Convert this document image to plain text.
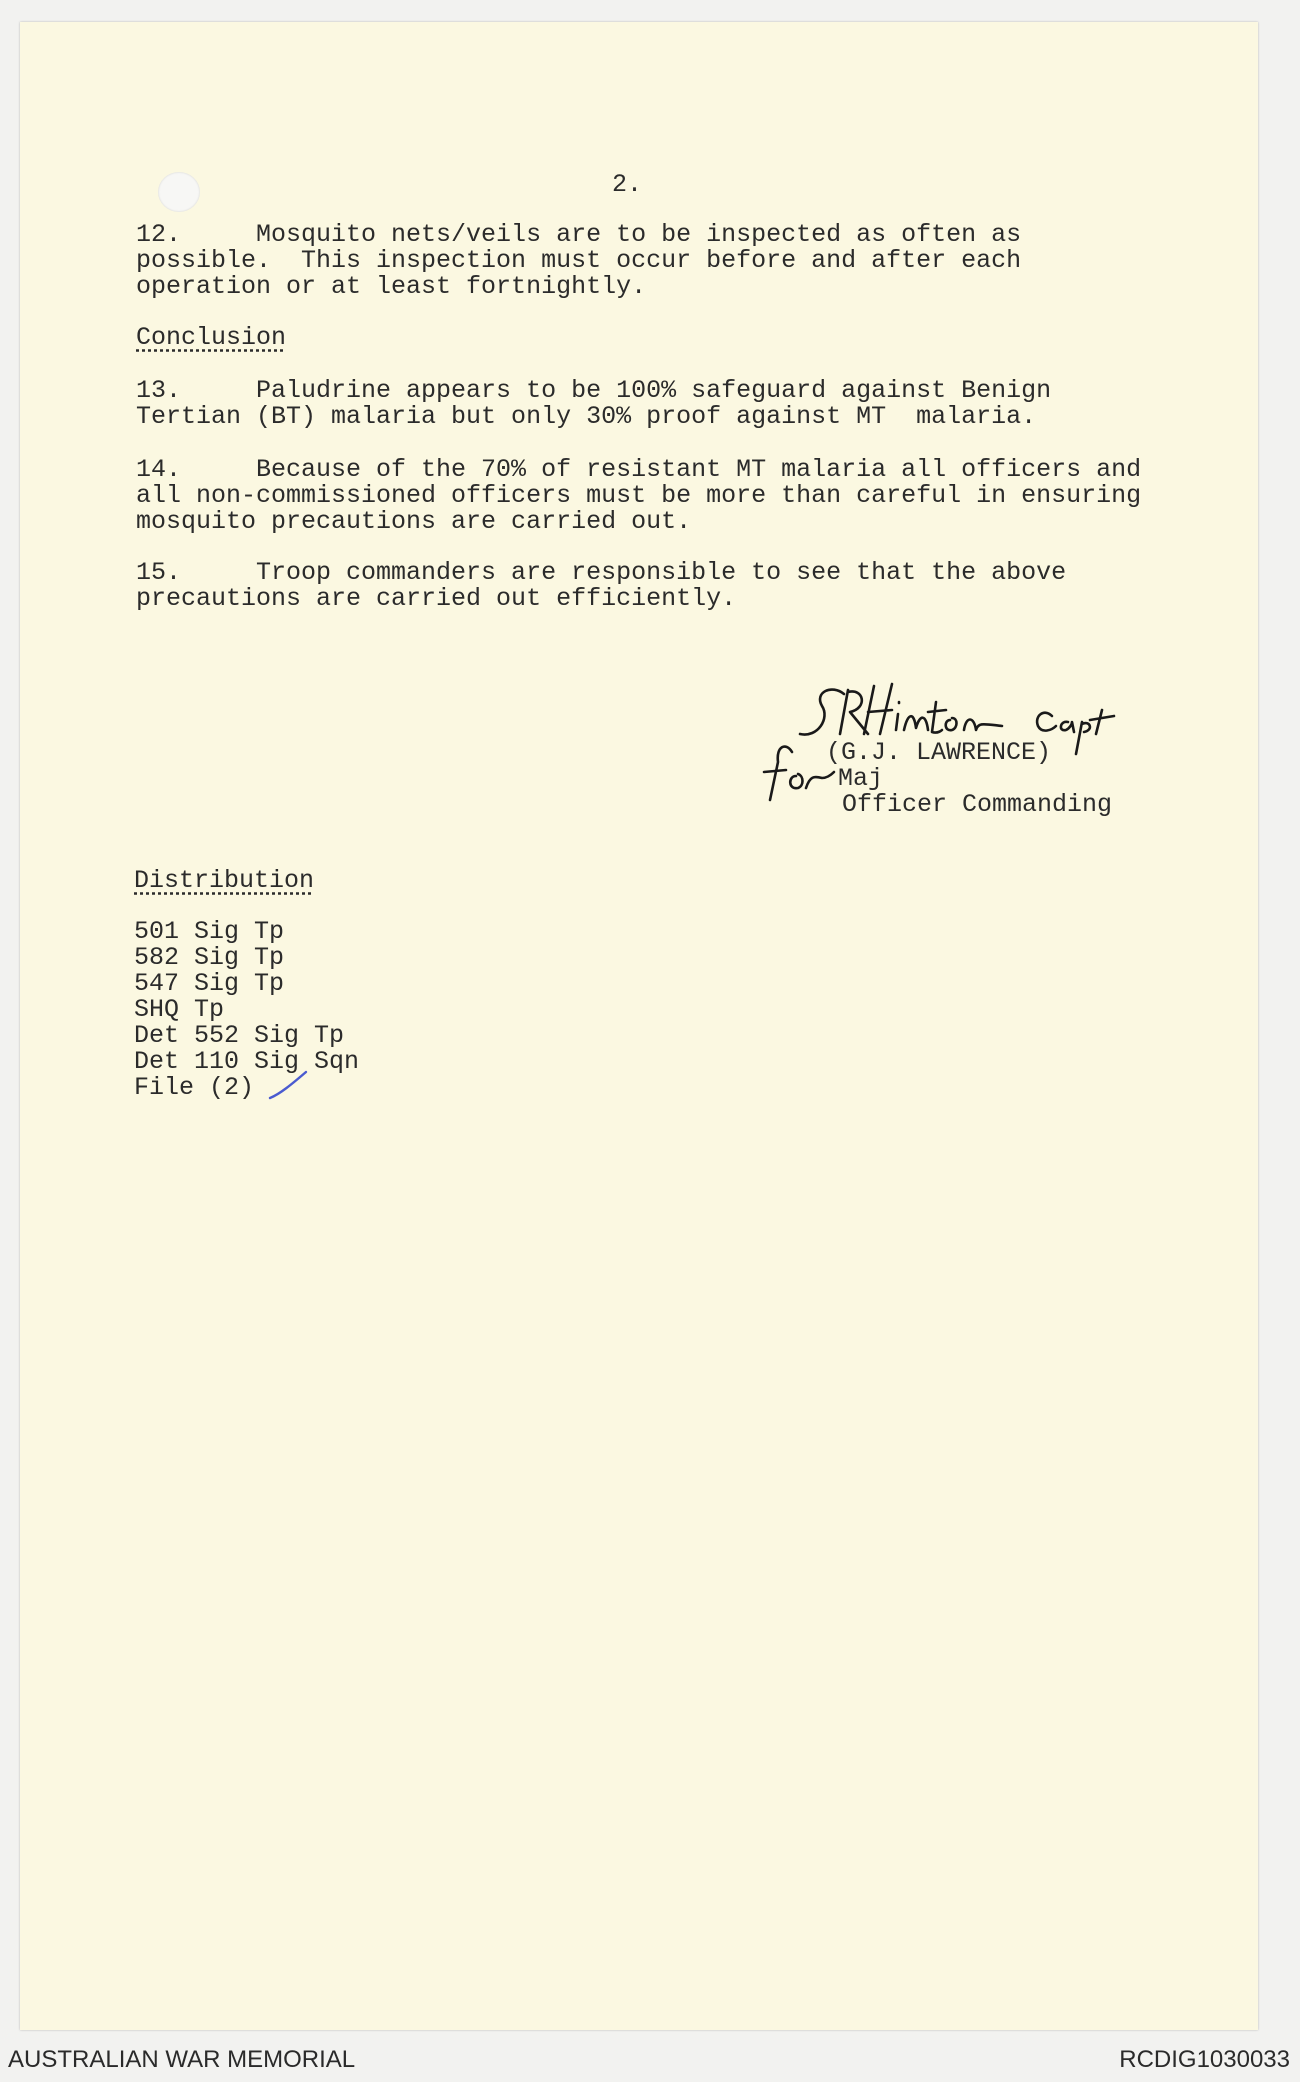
2.
12.     Mosquito nets/veils are to be inspected as often as
possible.  This inspection must occur before and after each
operation or at least fortnightly.
Conclusion
13.     Paludrine appears to be 100% safeguard against Benign
Tertian (BT) malaria but only 30% proof against MT  malaria.
14.     Because of the 70% of resistant MT malaria all officers and
all non-commissioned officers must be more than careful in ensuring
mosquito precautions are carried out.
15.     Troop commanders are responsible to see that the above
precautions are carried out efficiently.
(G.J. LAWRENCE)
Maj
Officer Commanding
Distribution
501 Sig Tp
582 Sig Tp
547 Sig Tp
SHQ Tp
Det 552 Sig Tp
Det 110 Sig Sqn
File (2)
AUSTRALIAN WAR MEMORIAL	RCDIG1030033
